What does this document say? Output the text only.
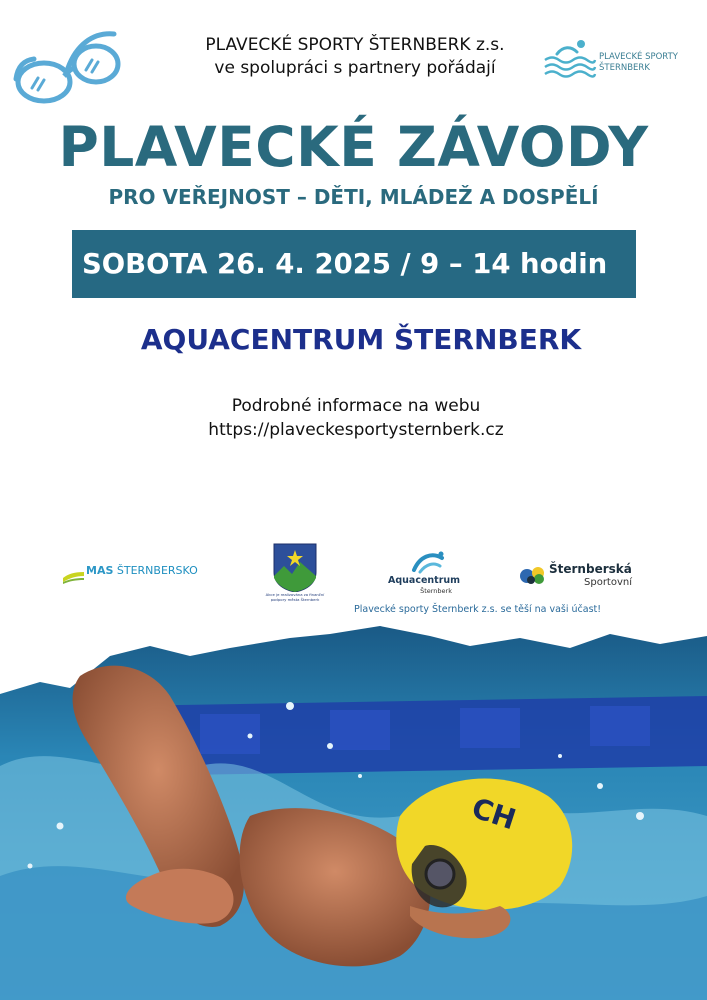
PLAVECKÉ SPORTY ŠTERNBERK z.s.
ve spolupráci s partnery pořádají
PLAVECKÉ SPORTY
ŠTERNBERK
PLAVECKÉ ZÁVODY
PRO VEŘEJNOST – DĚTI, MLÁDEŽ A DOSPĚLÍ
SOBOTA 26. 4. 2025 / 9 – 14 hodin
AQUACENTRUM ŠTERNBERK
Podrobné informace na webu
https://plaveckesportysternberk.cz
MAS ŠTERNBERSKO
Akce je realizována za finanční podpory města Šternberk
Aquacentrum
Šternberk
Šternberská
Sportovní
Plavecké sporty Šternberk z.s. se těší na vaši účast!
CH
